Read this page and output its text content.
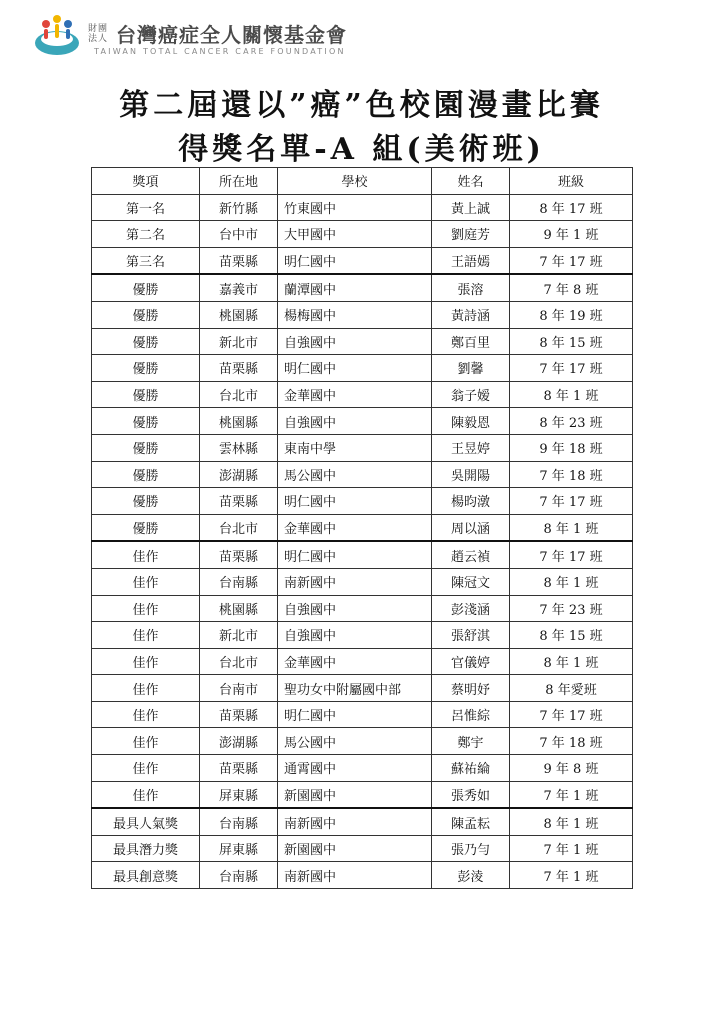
財團法人 台灣癌症全人關懷基金會
TAIWAN TOTAL CANCER CARE FOUNDATION
第二屆還以”癌”色校園漫畫比賽
得獎名單-A 組(美術班)
獎項	所在地	學校	姓名	班級
第一名	新竹縣	竹東國中	黃上誠	8 年 17 班
第二名	台中市	大甲國中	劉庭芳	9 年 1 班
第三名	苗栗縣	明仁國中	王語嫣	7 年 17 班
優勝	嘉義市	蘭潭國中	張溶	7 年 8 班
優勝	桃園縣	楊梅國中	黃詩涵	8 年 19 班
優勝	新北市	自強國中	鄭百里	8 年 15 班
優勝	苗栗縣	明仁國中	劉馨	7 年 17 班
優勝	台北市	金華國中	翁子嫒	8 年 1 班
優勝	桃園縣	自強國中	陳毅恩	8 年 23 班
優勝	雲林縣	東南中學	王昱婷	9 年 18 班
優勝	澎湖縣	馬公國中	吳開陽	7 年 18 班
優勝	苗栗縣	明仁國中	楊昀潡	7 年 17 班
優勝	台北市	金華國中	周以涵	8 年 1 班
佳作	苗栗縣	明仁國中	趙云禎	7 年 17 班
佳作	台南縣	南新國中	陳冠文	8 年 1 班
佳作	桃園縣	自強國中	彭淺涵	7 年 23 班
佳作	新北市	自強國中	張舒淇	8 年 15 班
佳作	台北市	金華國中	官儀婷	8 年 1 班
佳作	台南市	聖功女中附屬國中部	蔡明妤	8 年愛班
佳作	苗栗縣	明仁國中	呂惟綜	7 年 17 班
佳作	澎湖縣	馬公國中	鄭宇	7 年 18 班
佳作	苗栗縣	通霄國中	蘇祐綸	9 年 8 班
佳作	屏東縣	新園國中	張秀如	7 年 1 班
最具人氣獎	台南縣	南新國中	陳孟耘	8 年 1 班
最具潛力獎	屏東縣	新園國中	張乃勻	7 年 1 班
最具創意獎	台南縣	南新國中	彭淩	7 年 1 班
